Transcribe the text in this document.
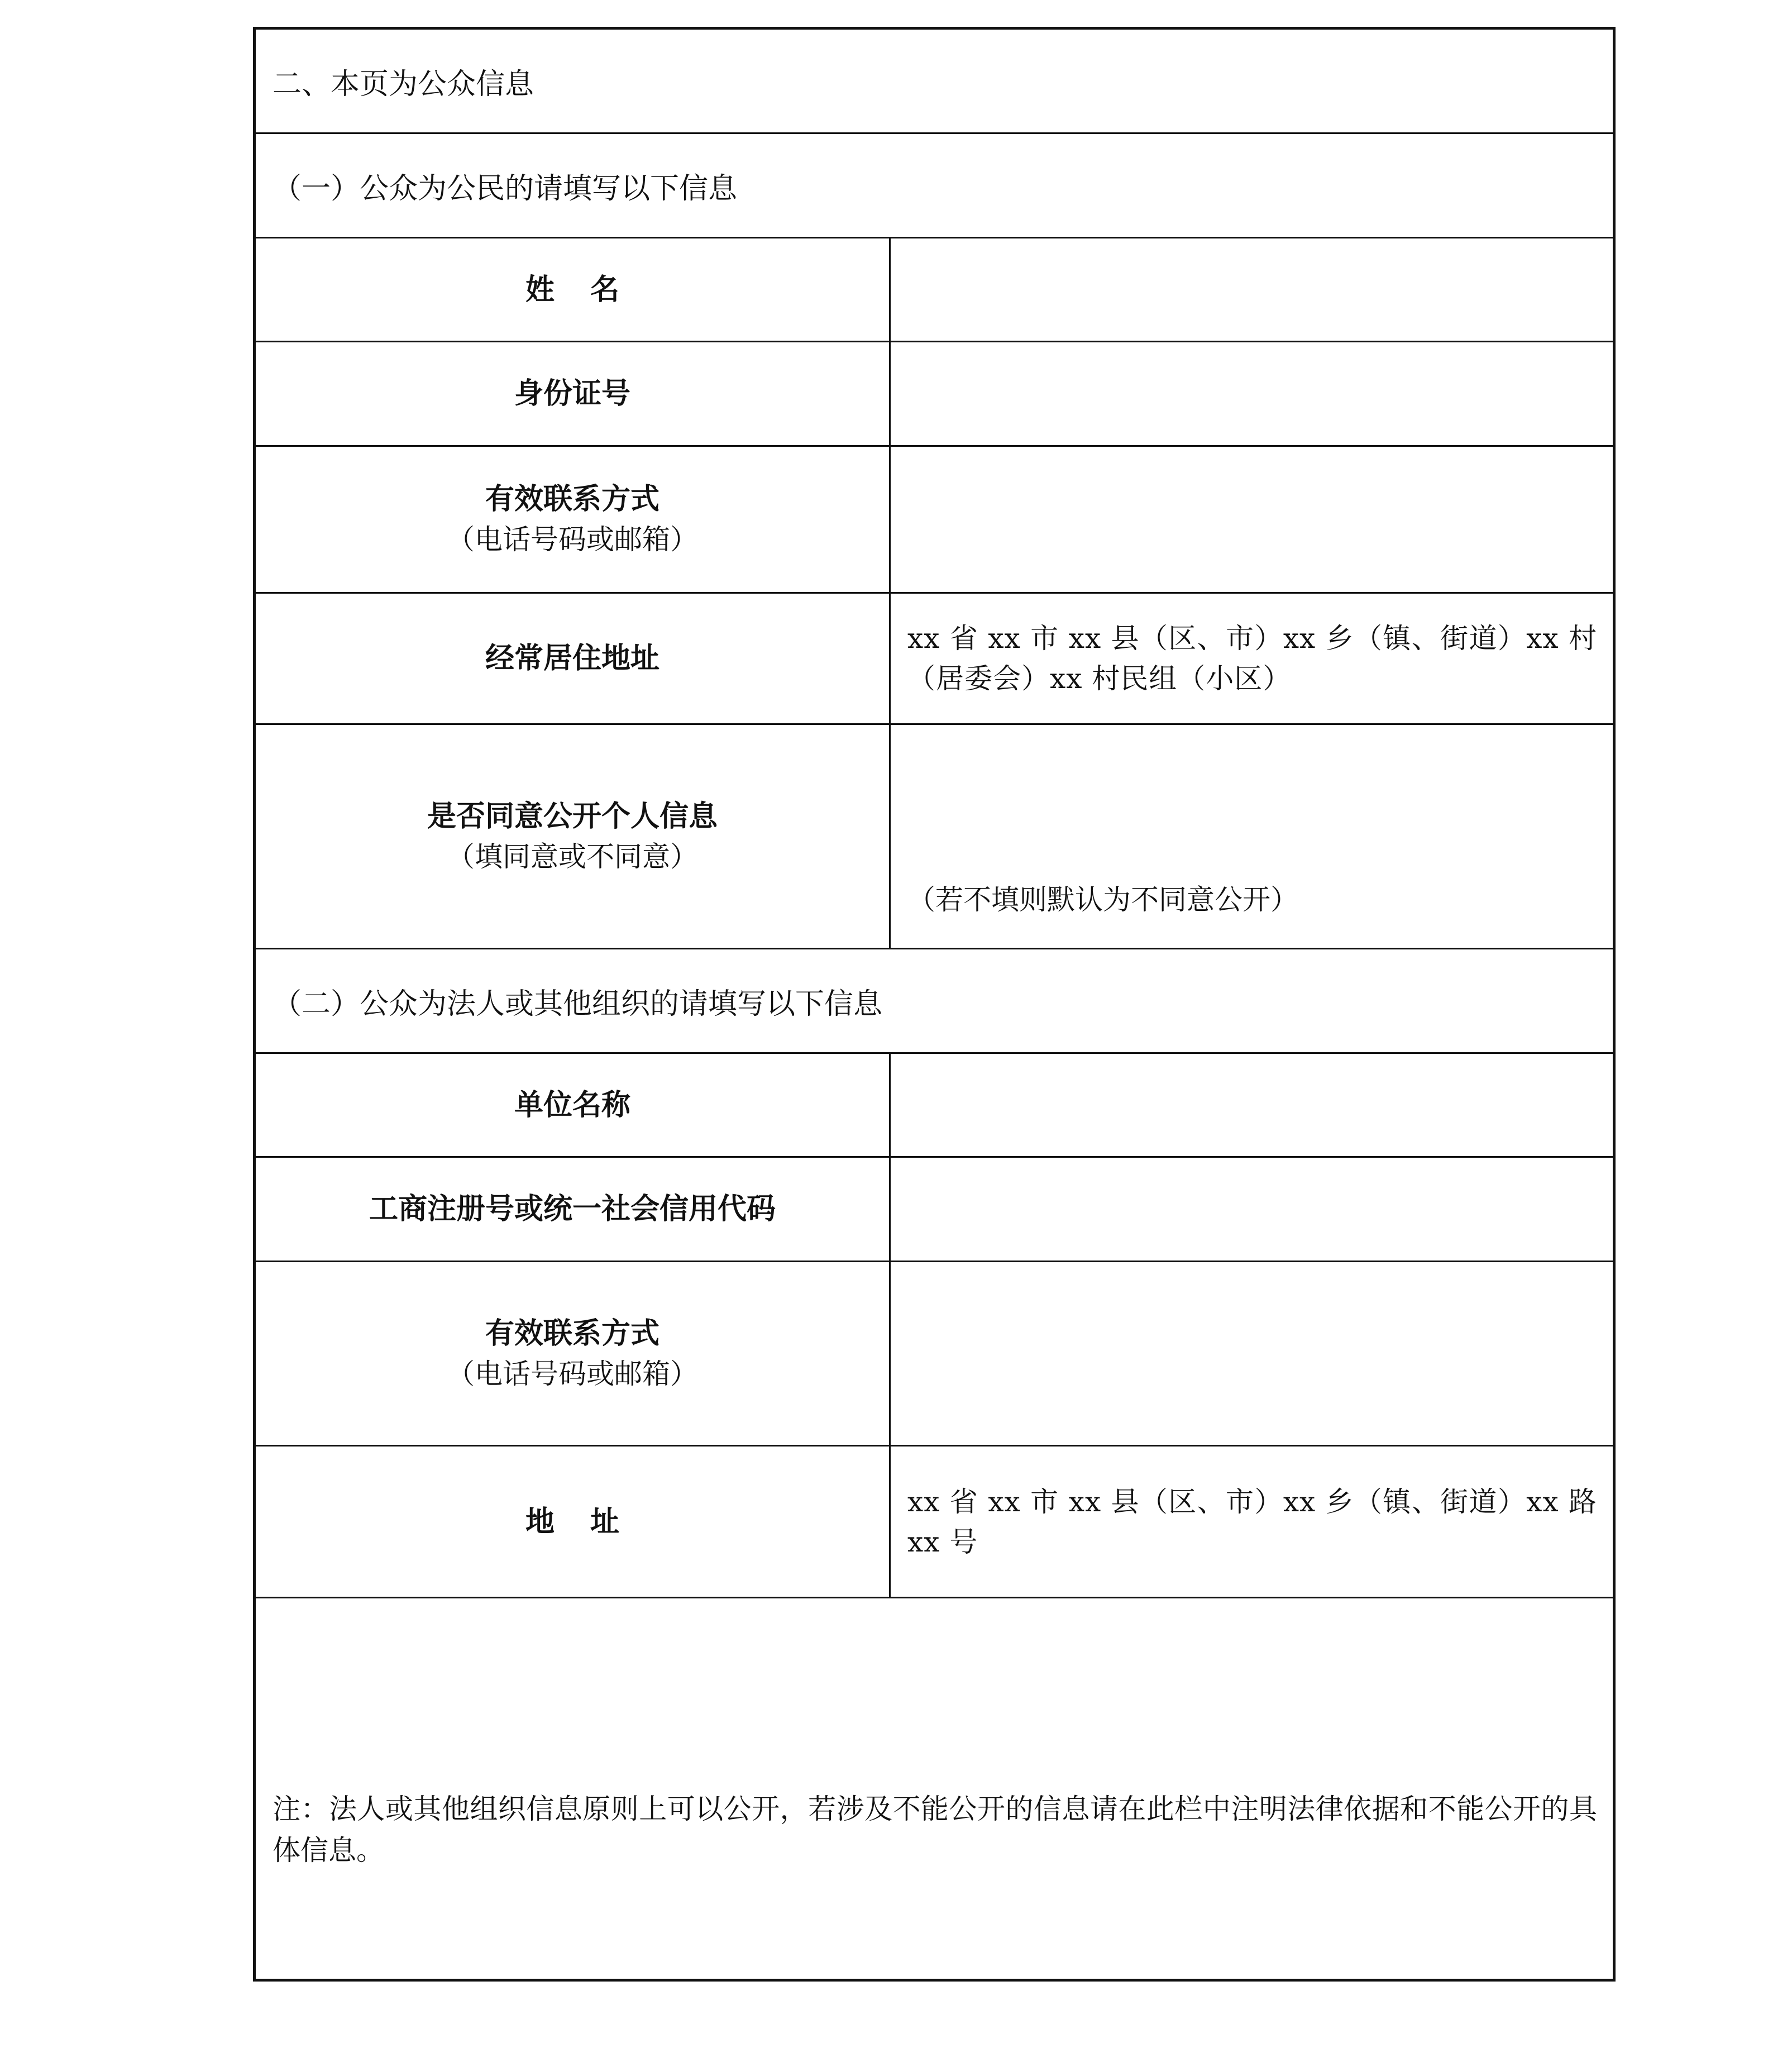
二、本页为公众信息
（一）公众为公民的请填写以下信息
姓名
身份证号
有效联系方式
（电话号码或邮箱）
经常居住地址
xx 省 xx 市 xx 县（区、市）xx 乡（镇、街道）xx 村（居委会）xx 村民组（小区）
是否同意公开个人信息
（填同意或不同意）
（若不填则默认为不同意公开）
（二）公众为法人或其他组织的请填写以下信息
单位名称
工商注册号或统一社会信用代码
有效联系方式
（电话号码或邮箱）
地址
xx 省 xx 市 xx 县（区、市）xx 乡（镇、街道）xx 路 xx 号
注：法人或其他组织信息原则上可以公开，若涉及不能公开的信息请在此栏中注明法律依据和不能公开的具体信息。
